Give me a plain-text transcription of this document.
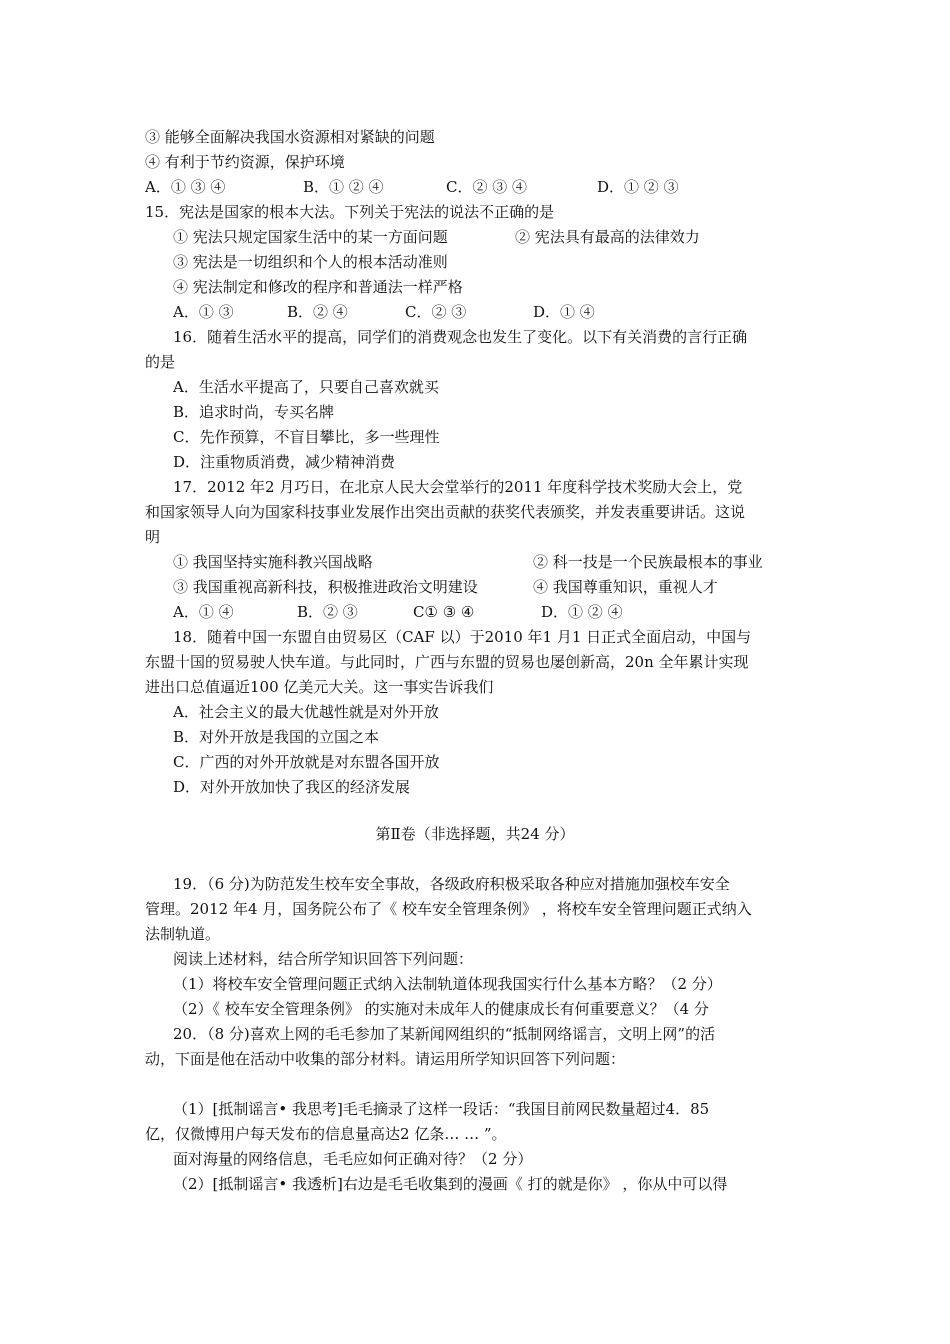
③ 能够全面解决我国水资源相对紧缺的问题
④ 有利于节约资源，保护环境
A．① ③ ④	B．① ② ④	C．② ③ ④	D．① ② ③
15．宪法是国家的根本大法。下列关于宪法的说法不正确的是
① 宪法只规定国家生活中的某一方面问题	② 宪法具有最高的法律效力
③ 宪法是一切组织和个人的根本活动准则
④ 宪法制定和修改的程序和普通法一样严格
A．① ③	B．② ④	C．② ③	D．① ④
16．随着生活水平的提高，同学们的消费观念也发生了变化。以下有关消费的言行正确
的是
A．生活水平提高了，只要自己喜欢就买
B．追求时尚，专买名牌
C．先作预算，不盲目攀比，多一些理性
D．注重物质消费，减少精神消费
17．2012 年2 月巧日，在北京人民大会堂举行的2011 年度科学技术奖励大会上，党
和国家领导人向为国家科技事业发展作出突出贡献的获奖代表颁奖，并发表重要讲话。这说
明
① 我国坚持实施科教兴国战略	② 科一技是一个民族最根本的事业
③ 我国重视高新科技，积极推进政治文明建设	④ 我国尊重知识，重视人才
A．① ④	B．② ③	C① ③ ④	D．① ② ④
18．随着中国一东盟自由贸易区（CAF 以）于2010 年1 月1 日正式全面启动，中国与
东盟十国的贸易驶人快车道。与此同时，广西与东盟的贸易也屡创新高，20n 全年累计实现
进出口总值逼近100 亿美元大关。这一事实告诉我们
A．社会主义的最大优越性就是对外开放
B．对外开放是我国的立国之本
C．广西的对外开放就是对东盟各国开放
D．对外开放加快了我区的经济发展
第Ⅱ卷（非选择题，共24 分）
19．（6 分)为防范发生校车安全事故，各级政府积极采取各种应对措施加强校车安全
管理。2012 年4 月，国务院公布了《 校车安全管理条例》 ，将校车安全管理问题正式纳入
法制轨道。
阅读上述材料，结合所学知识回答下列问题：
（1）将校车安全管理问题正式纳入法制轨道体现我国实行什么基本方略？（2 分）
（2）《 校车安全管理条例》 的实施对未成年人的健康成长有何重要意义？（4 分
20．（8 分)喜欢上网的毛毛参加了某新闻网组织的“抵制网络谣言，文明上网”的活
动，下面是他在活动中收集的部分材料。请运用所学知识回答下列问题：
（1）[抵制谣言• 我思考]毛毛摘录了这样一段话：“我国目前网民数量超过4．85
亿，仅微博用户每天发布的信息量高达2 亿条… … ”。
面对海量的网络信息，毛毛应如何正确对待？（2 分）
（2）[抵制谣言• 我透析]右边是毛毛收集到的漫画《 打的就是你》 ，你从中可以得
